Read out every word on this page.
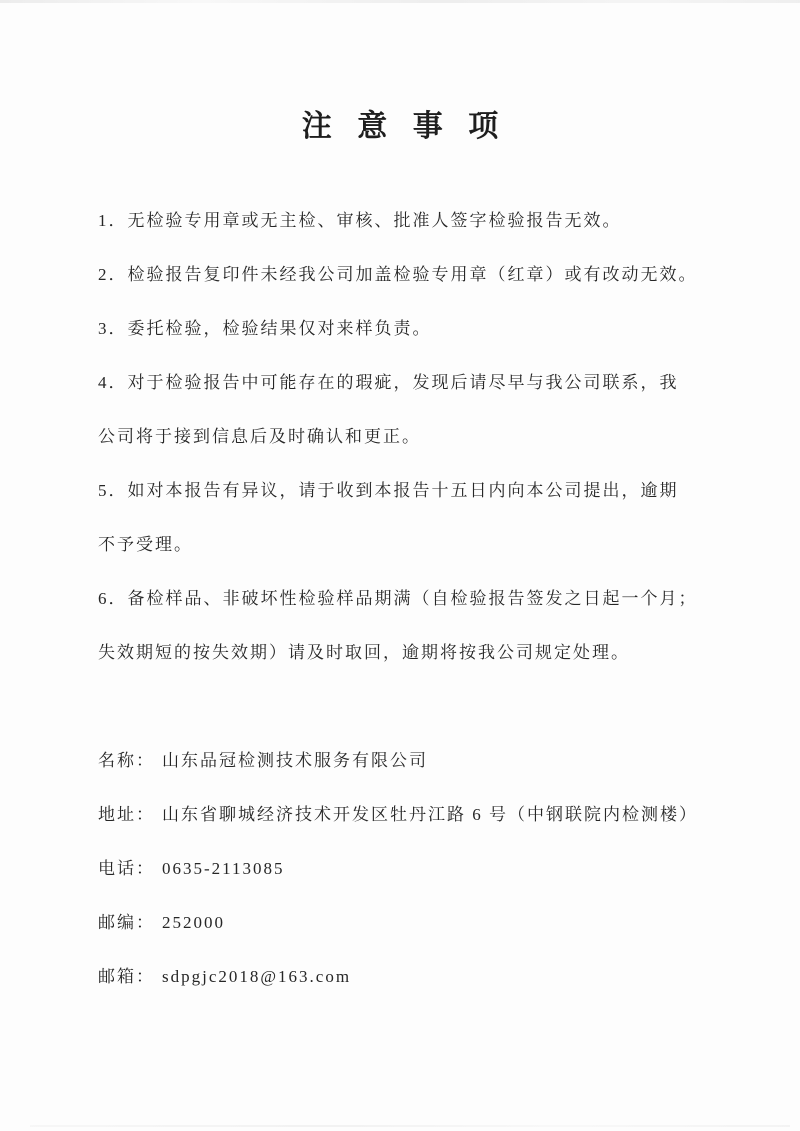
注 意 事 项

1．无检验专用章或无主检、审核、批准人签字检验报告无效。

2．检验报告复印件未经我公司加盖检验专用章（红章）或有改动无效。

3．委托检验，检验结果仅对来样负责。

4．对于检验报告中可能存在的瑕疵，发现后请尽早与我公司联系，我
公司将于接到信息后及时确认和更正。

5．如对本报告有异议，请于收到本报告十五日内向本公司提出，逾期
不予受理。

6．备检样品、非破坏性检验样品期满（自检验报告签发之日起一个月；
失效期短的按失效期）请及时取回，逾期将按我公司规定处理。

名称： 山东品冠检测技术服务有限公司
地址： 山东省聊城经济技术开发区牡丹江路 6 号（中钢联院内检测楼）
电话： 0635-2113085
邮编： 252000
邮箱： sdpgjc2018@163.com
